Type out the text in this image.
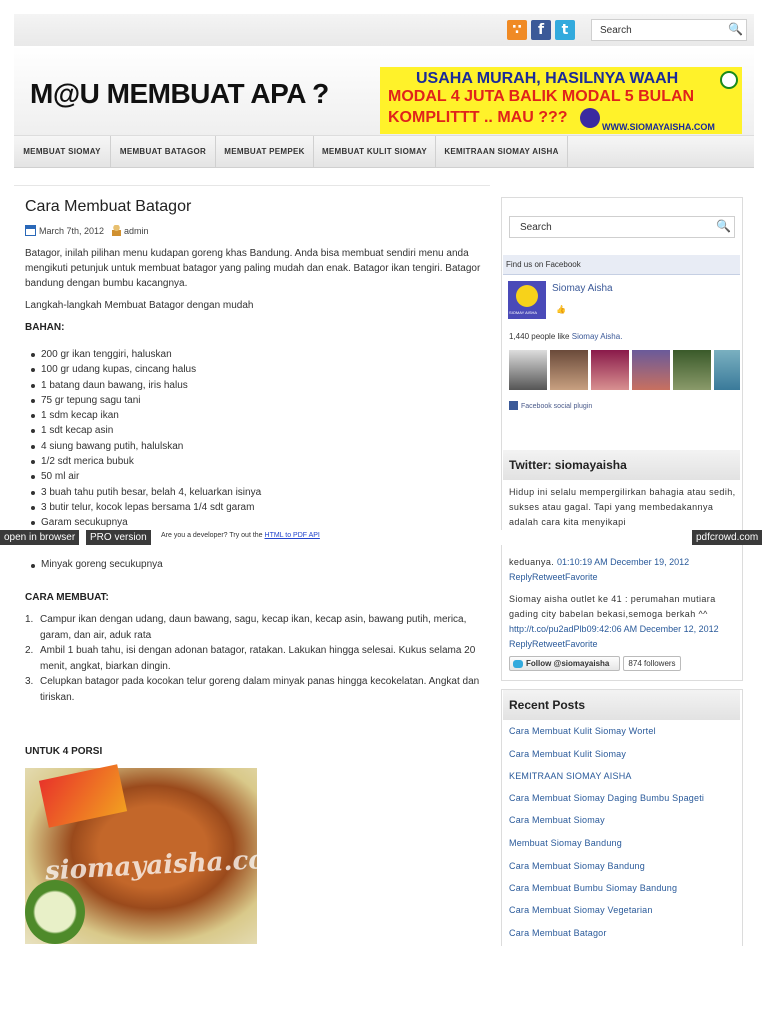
∵	f	t	Search	🔍
M@U MEMBUAT APA ?	USAHA MURAH, HASILNYA WAAH
MODAL 4 JUTA BALIK MODAL 5 BULAN
KOMPLITTT .. MAU ???
WWW.SIOMAYAISHA.COM
MEMBUAT SIOMAY	MEMBUAT BATAGOR	MEMBUAT PEMPEK	MEMBUAT KULIT SIOMAY	KEMITRAAN SIOMAY AISHA
Cara Membuat Batagor
March 7th, 2012 admin

Batagor, inilah pilihan menu kudapan goreng khas Bandung. Anda bisa membuat sendiri menu anda mengikuti petunjuk untuk membuat batagor yang paling mudah dan enak. Batagor ikan tengiri. Batagor bandung dengan bumbu kacangnya.

Langkah-langkah Membuat Batagor dengan mudah

BAHAN:

200 gr ikan tenggiri, haluskan
100 gr udang kupas, cincang halus
1 batang daun bawang, iris halus
75 gr tepung sagu tani
1 sdm kecap ikan
1 sdt kecap asin
4 siung bawang putih, halulskan
1/2 sdt merica bubuk
50 ml air
3 buah tahu putih besar, belah 4, keluarkan isinya
3 butir telur, kocok lepas bersama 1/4 sdt garam
Garam secukupnya
Minyak goreng secukupnya

CARA MEMBUAT:

1. Campur ikan dengan udang, daun bawang, sagu, kecap ikan, kecap asin, bawang putih, merica, garam, dan air, aduk rata
2. Ambil 1 buah tahu, isi dengan adonan batagor, ratakan. Lakukan hingga selesai. Kukus selama 20 menit, angkat, biarkan dingin.
3. Celupkan batagor pada kocokan telur goreng dalam minyak panas hingga kecokelatan. Angkat dan tiriskan.

UNTUK 4 PORSI

siomayaisha.com
Search	🔍
Find us on Facebook
SIOMAY AISHA
Siomay Aisha
👍
1,440 people like Siomay Aisha.
Facebook social plugin
Twitter: siomayaisha
Hidup ini selalu mempergilirkan bahagia atau sedih, sukses atau gagal. Tapi yang membedakannya adalah cara kita menyikapi
keduanya. 01:10:19 AM December 19, 2012
ReplyRetweetFavorite
Siomay aisha outlet ke 41 : perumahan mutiara gading city babelan bekasi,semoga berkah ^^ http://t.co/pu2adPlb09:42:06 AM December 12, 2012 ReplyRetweetFavorite
Follow @siomayaisha	874 followers
Recent Posts
Cara Membuat Kulit Siomay Wortel
Cara Membuat Kulit Siomay
KEMITRAAN SIOMAY AISHA
Cara Membuat Siomay Daging Bumbu Spageti
Cara Membuat Siomay
Membuat Siomay Bandung
Cara Membuat Siomay Bandung
Cara Membuat Bumbu Siomay Bandung
Cara Membuat Siomay Vegetarian
Cara Membuat Batagor
open in browser	PRO version	Are you a developer? Try out the HTML to PDF API	pdfcrowd.com
